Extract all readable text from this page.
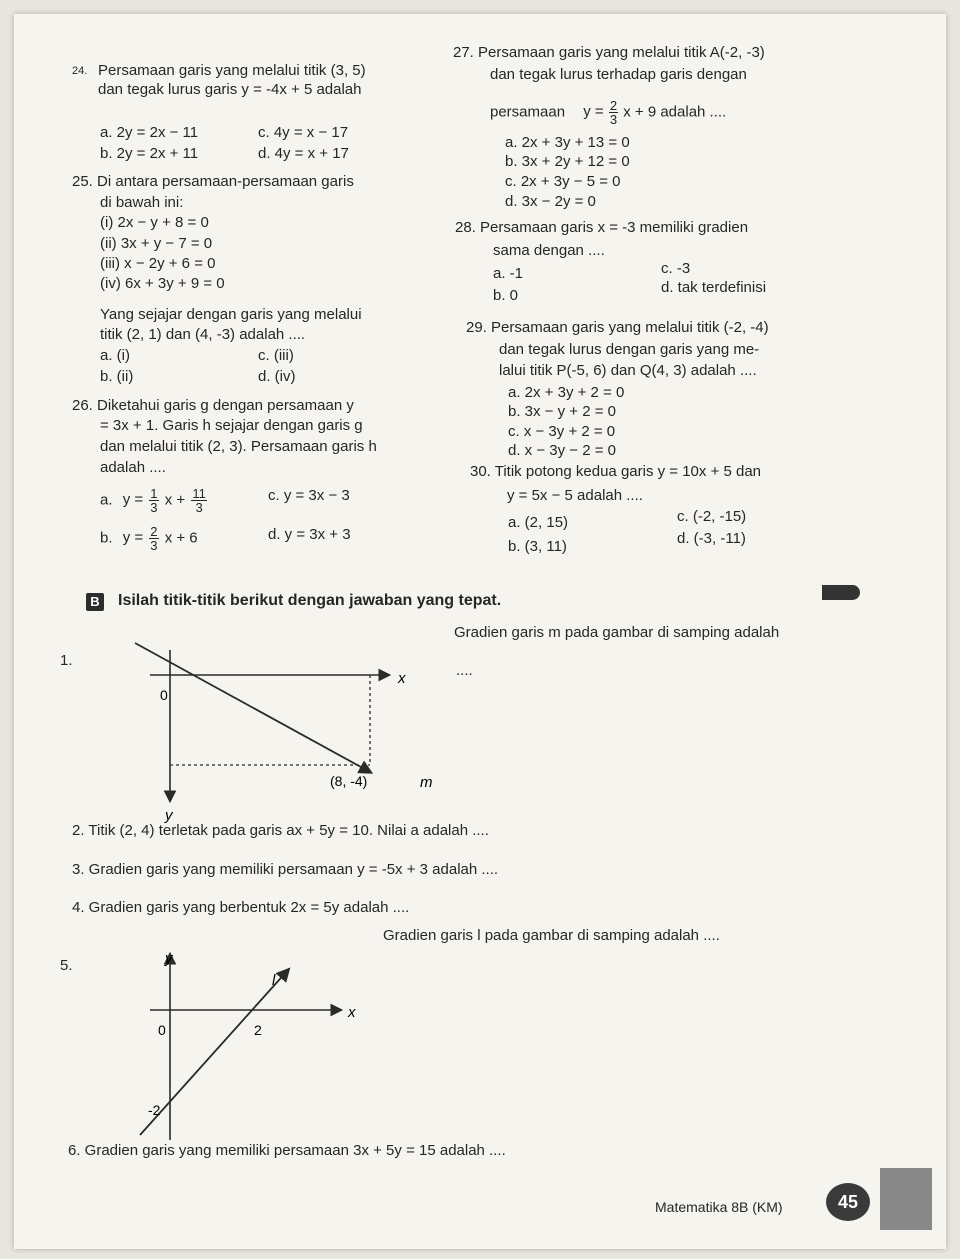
24. Persamaan garis yang melalui titik (3, 5)
dan tegak lurus garis y = -4x + 5 adalah
a. 2y = 2x − 11	c. 4y = x − 17
b. 2y = 2x + 11	d. 4y = x + 17
25. Di antara persamaan-persamaan garis
di bawah ini:
(i) 2x − y + 8 = 0
(ii) 3x + y − 7 = 0
(iii) x − 2y + 6 = 0
(iv) 6x + 3y + 9 = 0
Yang sejajar dengan garis yang melalui
titik (2, 1) dan (4, -3) adalah ....
a. (i)	c. (iii)
b. (ii)	d. (iv)
26. Diketahui garis g dengan persamaan y
= 3x + 1. Garis h sejajar dengan garis g
dan melalui titik (2, 3). Persamaan garis h
adalah ....
a. $y = \frac{1}{3}$ $x + \frac{11}{3}$	c. y = 3x − 3
b. $y = \frac{2}{3}$ x + 6	d. y = 3x + 3
27. Persamaan garis yang melalui titik A(-2, -3)
dan tegak lurus terhadap garis dengan
persamaan $y = \frac{2}{3}$ x + 9 adalah ....
a. 2x + 3y + 13 = 0
b. 3x + 2y + 12 = 0
c. 2x + 3y − 5 = 0
d. 3x − 2y = 0
28. Persamaan garis x = -3 memiliki gradien
sama dengan ....
a. -1
b. 0
c. -3
d. tak terdefinisi
29. Persamaan garis yang melalui titik (-2, -4)
dan tegak lurus dengan garis yang me-
lalui titik P(-5, 6) dan Q(4, 3) adalah ....
a. 2x + 3y + 2 = 0
b. 3x − y + 2 = 0
c. x − 3y + 2 = 0
d. x − 3y − 2 = 0
30. Titik potong kedua garis y = 10x + 5 dan
y = 5x − 5 adalah ....
a. (2, 15)
b. (3, 11)
c. (-2, -15)
d. (-3, -11)
B Isilah titik-titik berikut dengan jawaban yang tepat.
1.
Gradien garis m pada gambar di samping adalah
....
0
x
y
(8, -4)	m
2. Titik (2, 4) terletak pada garis ax + 5y = 10. Nilai a adalah ....
3. Gradien garis yang memiliki persamaan y = -5x + 3 adalah ....
4. Gradien garis yang berbentuk 2x = 5y adalah ....
5.
Gradien garis l pada gambar di samping adalah ....
0	2
-2
x
y
l
6. Gradien garis yang memiliki persamaan 3x + 5y = 15 adalah ....
Matematika 8B (KM)	45
